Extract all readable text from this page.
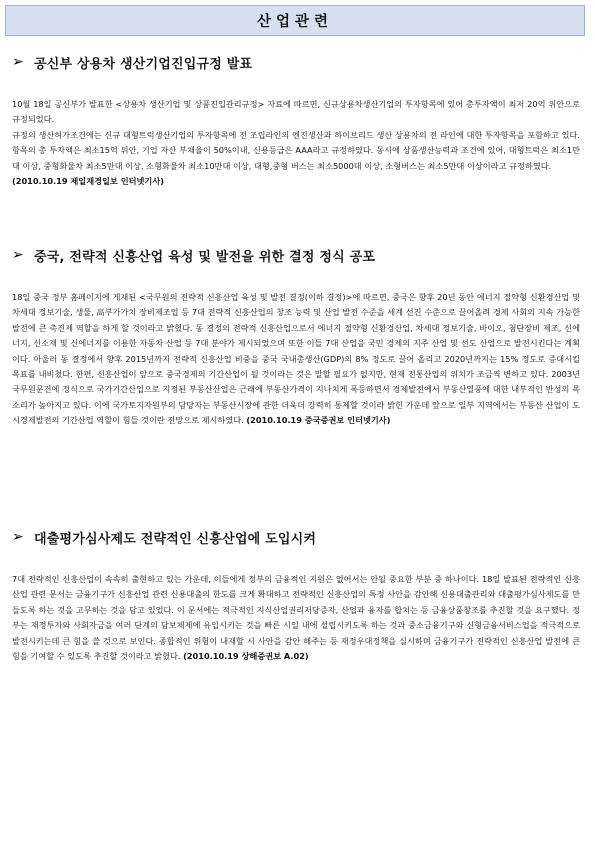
산업관련
➢ 공신부 상용차 생산기업진입규정 발표
10월 18일 공신부가 발표한 <상용차 생산기업 및 상품진입관리규정> 자료에 따르면, 신규상용차생산기업의 투자항목에 있어 총투자액이 최저 20억 위안으로 규정되었다.
규정의 생산허가조건에는 신규 대형트럭생산기업의 투자항목에 전 조립라인의 엔진생산과 하이브리드 생산 상용차의 전 라인에 대한 투자항목을 포함하고 있다. 항목의 총 투자액은 최소15억 위안, 기업 자산 부채율이 50%이내, 신용등급은 AAA라고 규정하였다. 동시에 상품생산능력과 조건에 있어, 대형트럭은 최소1만대 이상, 중형화물차 최소5만대 이상, 소형화물차 최소10만대 이상, 대형,중형 버스는 최소5000대 이상, 소형버스는 최소5만대 이상이라고 규정하였다.
(2010.10.19 제일재경일보 인터넷기사)
➢ 중국, 전략적 신흥산업 육성 및 발전을 위한 결정 정식 공포
18일 중국 정부 홈페이지에 게재된 <국무원의 전략적 신흥산업 육성 및 발전 결정(이하 결정)>에 따르면, 중국은 향후 20년 동안 에너지 절약형 신환경산업 및 차세대 정보기술, 생물, 高부가가치 장비제조업 등 7대 전략적 신흥산업의 창조 능력 및 산업 발전 수준을 세계 선진 수준으로 끌어올려 경제 사회의 지속 가능한 발전에 큰 촉진제 역할을 하게 할 것이라고 밝혔다. 동 결정의 전략적 신흥산업으로서 에너지 절약형 신환경산업, 차세대 정보기술, 바이오, 첨단장비 제조, 신에너지, 신소재 및 신에너지를 이용한 자동차 산업 등 7대 분야가 제시되었으며 또한 이들 7대 산업을 국민 경제의 지주 산업 및 선도 산업으로 발전시킨다는 계획이다. 아울러 동 결정에서 향후 2015년까지 전략적 신흥산업 비중을 중국 국내총생산(GDP)의 8% 정도로 끌어 올리고 2020년까지는 15% 정도로 증대시킬 목표를 내비쳤다. 한편, 신흥산업이 앞으로 중국경제의 기간산업이 될 것이라는 것은 말할 필요가 없지만, 현재 전통산업의 위치가 조금씩 변하고 있다. 2003년 국무원문건에 정식으로 국가기간산업으로 지정된 부동산산업은 근래에 부동산가격이 지나치게 폭등하면서 경제발전에서 부동산열풍에 대한 내부적인 반성의 목소리가 높아지고 있다. 이에 국가토지자원부의 담당자는 부동산시장에 관한 더욱더 강력히 통제할 것이라 밝힌 가운데 앞으로 일부 지역에서는 부동산 산업이 도시경제발전의 기간산업 역할이 힘들 것이란 전망으로 제시하였다. (2010.10.19 중국증권보 인터넷기사)
➢ 대출평가심사제도 전략적인 신흥산업에 도입시켜
7대 전략적인 신흥산업이 속속히 출현하고 있는 가운데, 이들에게 정부의 금융적인 지원은 없어서는 안될 중요한 부분 중 하나이다. 18일 발표된 전략적인 신흥산업 관련 문서는 금융기구가 신흥산업 관련 신용대출의 한도를 크게 확대하고 전략적인 신흥산업의 특정 사안을 감안해 신용대출관리와 대출평가심사제도를 만들도록 하는 것을 고무하는 것을 담고 있었다. 이 문서에는 적극적인 지식산업권리저당증자, 산업과 융자를 합치는 등 금융상품창조를 추진할 것을 요구했다. 정부는 재정투자와 사회자금을 여러 단계의 담보체제에 유입시키는 것을 빠른 시일 내에 설립시키도록 하는 것과 중소금융기구와 신형금융서비스업을 적극적으로 발전시키는데 큰 힘을 쓸 것으로 보인다. 종합적인 위험이 내재할 시 사안을 감안 해주는 등 재정우대정책을 실시하며 금융기구가 전략적인 신흥산업 발전에 큰 힘을 기여할 수 있도록 추진할 것이라고 밝혔다. (2010.10.19 상해증권보 A.02)
